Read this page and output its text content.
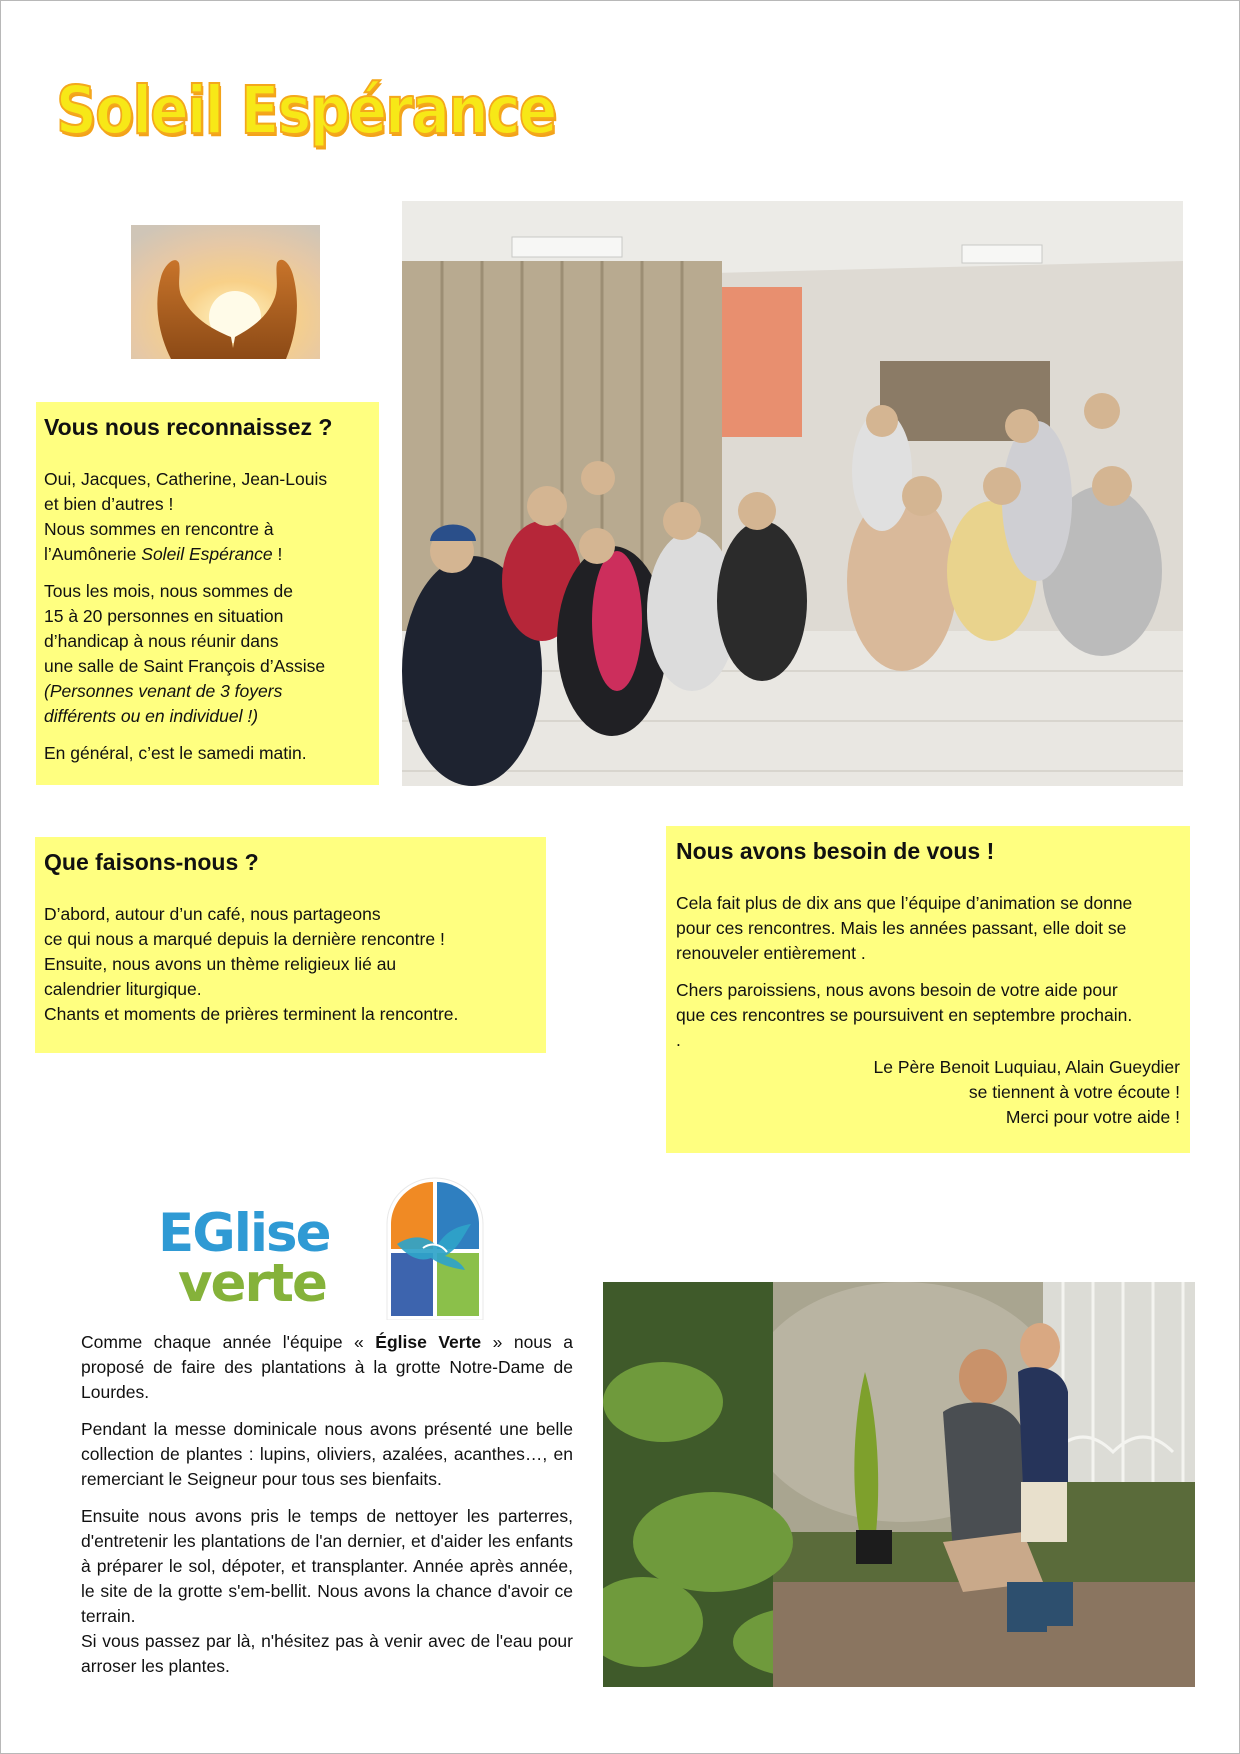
Soleil Espérance
Vous nous reconnaissez ?

Oui, Jacques, Catherine, Jean-Louis
et bien d’autres !
Nous sommes en rencontre à
l’Aumônerie Soleil Espérance !

Tous les mois, nous sommes de
15 à 20 personnes en situation
d’handicap à nous réunir dans
une salle de Saint François d’Assise
(Personnes venant de 3 foyers
différents ou en individuel !)

En général, c’est le samedi matin.

Que faisons-nous ?

D’abord, autour d’un café, nous partageons
ce qui nous a marqué depuis la dernière rencontre !
Ensuite, nous avons un thème religieux lié au
calendrier liturgique.
Chants et moments de prières terminent la rencontre.

Nous avons besoin de vous !

Cela fait plus de dix ans que l’équipe d’animation se donne
pour ces rencontres. Mais les années passant, elle doit se
renouveler entièrement .

Chers paroissiens, nous avons besoin de votre aide pour
que ces rencontres se poursuivent en septembre prochain.
.

Le Père Benoit Luquiau, Alain Gueydier
se tiennent à votre écoute !
Merci pour votre aide !

EGlise
verte

Comme chaque année l'équipe « Église Verte » nous a proposé de faire des plantations à la grotte Notre-Dame de Lourdes.

Pendant la messe dominicale nous avons présenté une belle collection de plantes : lupins, oliviers, azalées, acanthes…, en remerciant le Seigneur pour tous ses bienfaits.

Ensuite nous avons pris le temps de nettoyer les parterres, d'entretenir les plantations de l'an dernier, et d'aider les enfants à préparer le sol, dépoter, et transplanter. Année après année, le site de la grotte s'em-bellit. Nous avons la chance d'avoir ce terrain.

Si vous passez par là, n'hésitez pas à venir avec de l'eau pour arroser les plantes.
